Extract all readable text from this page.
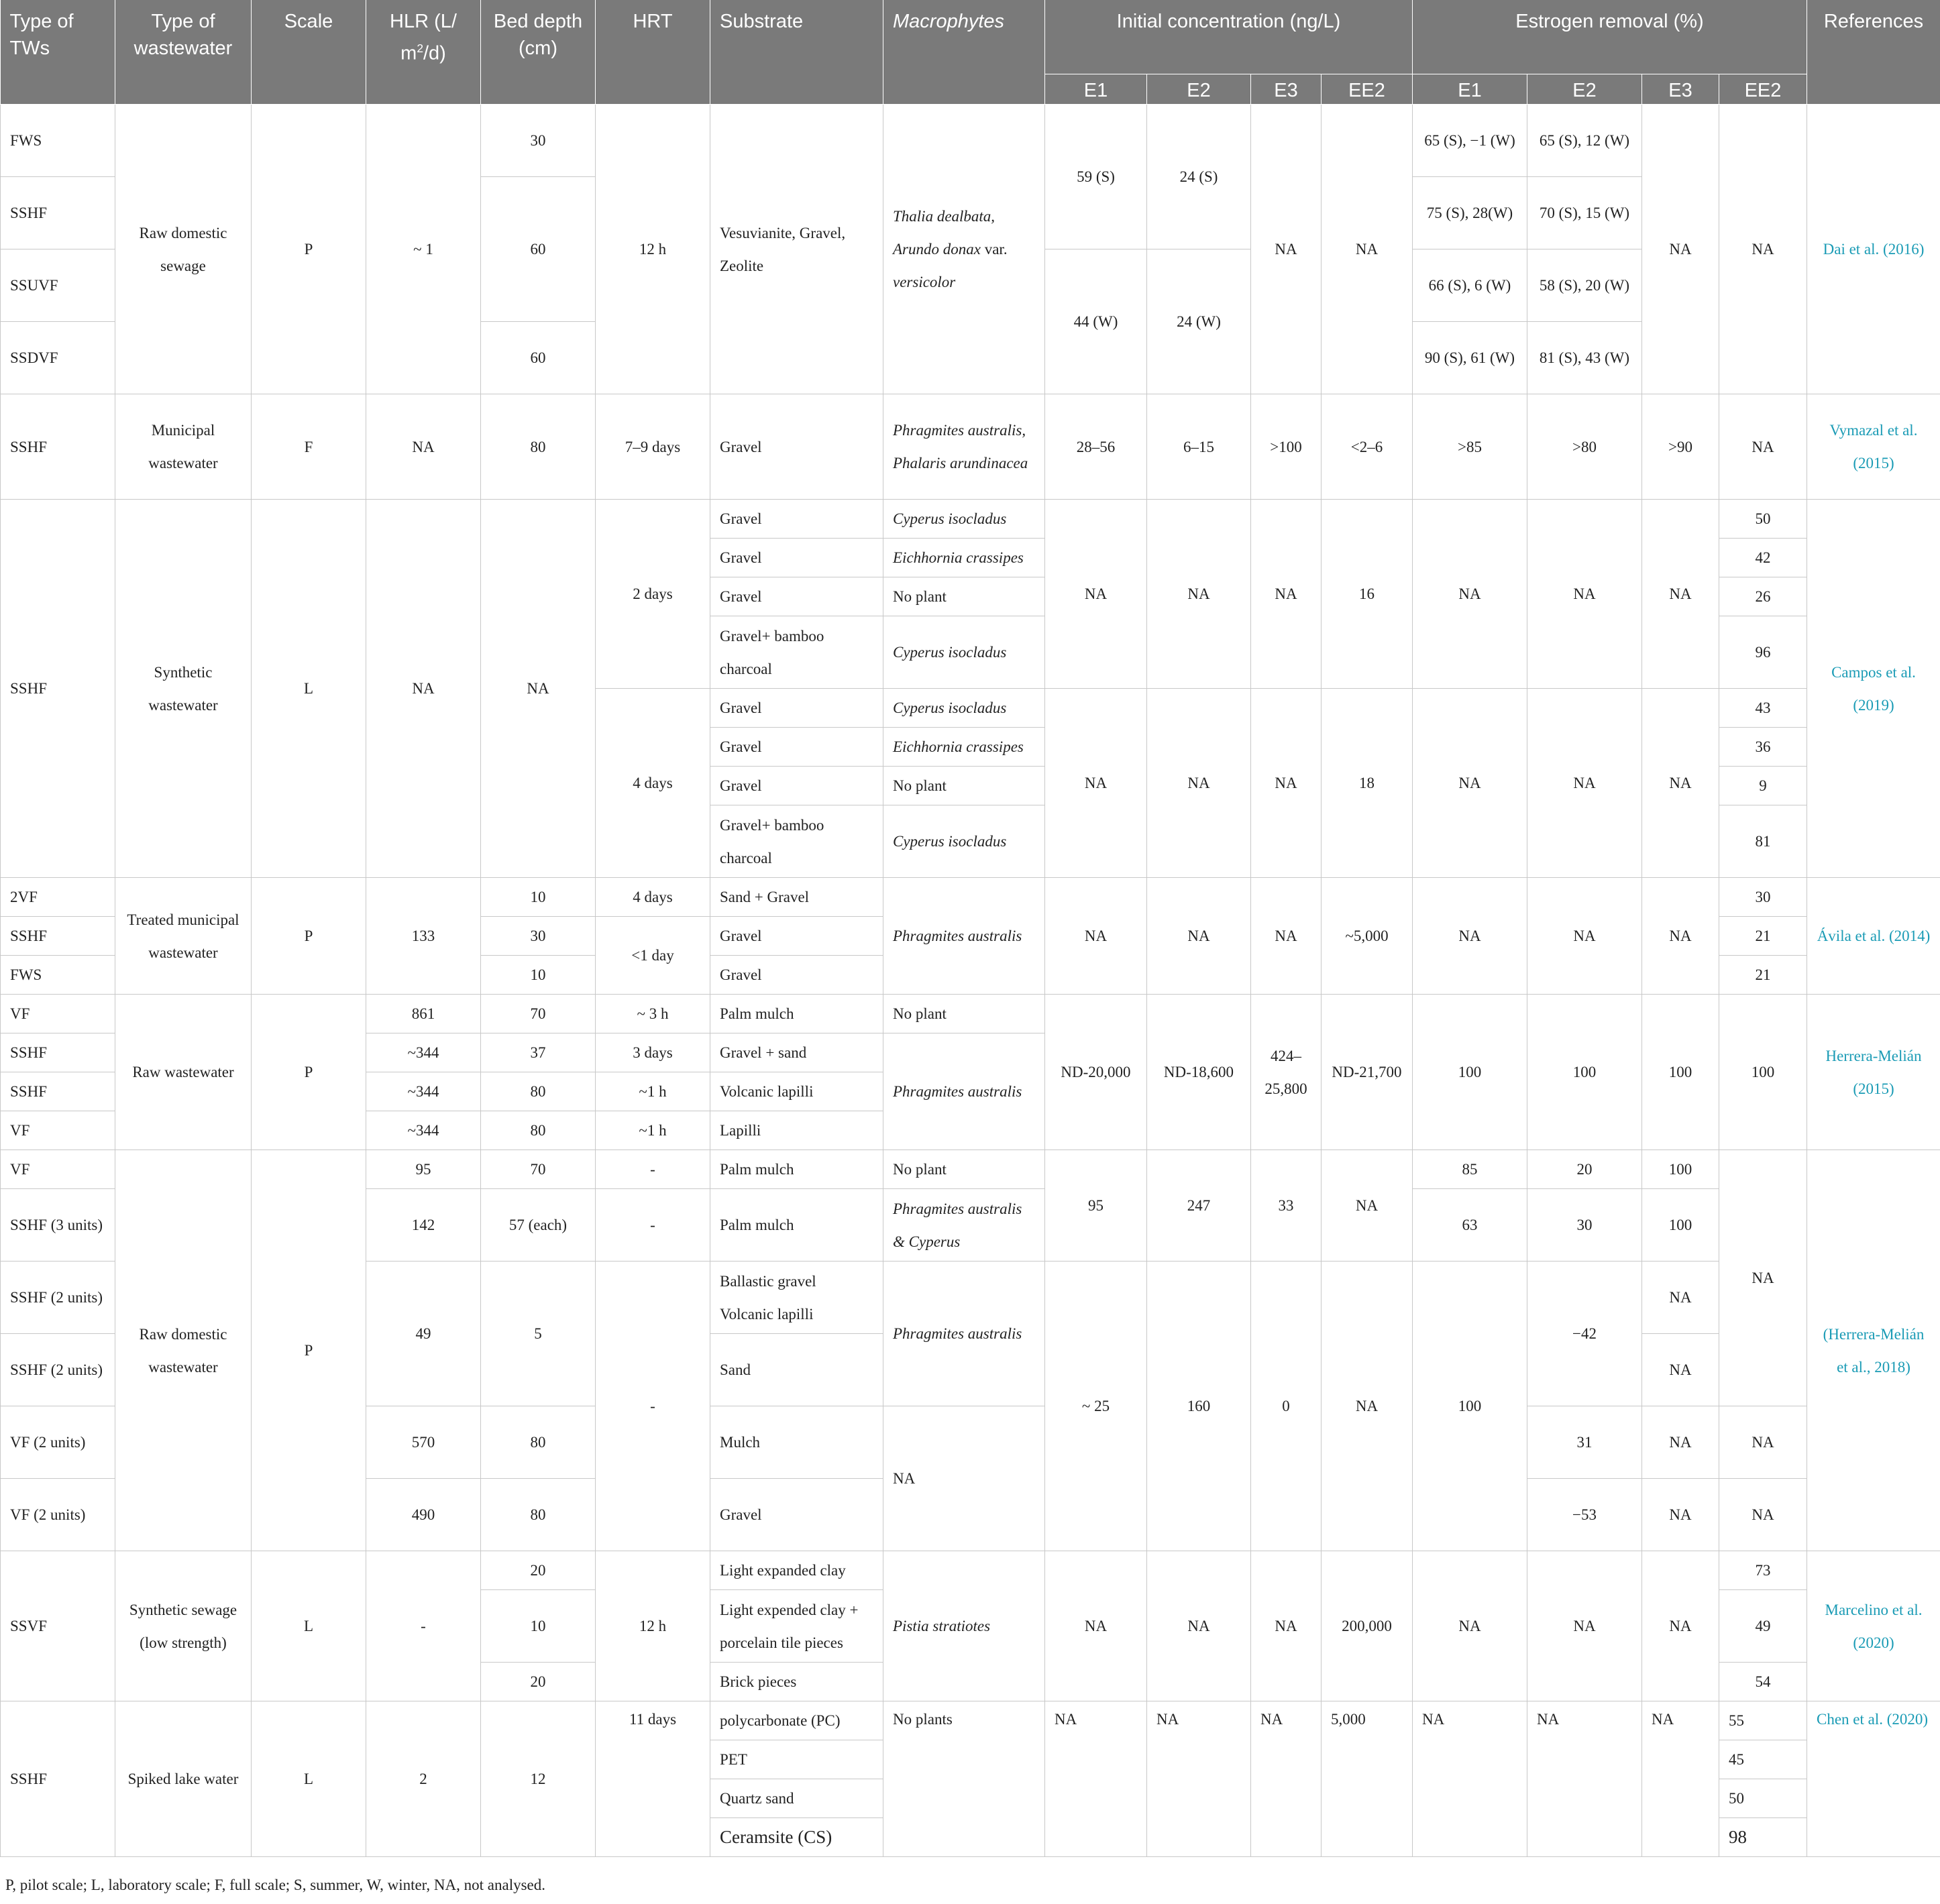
Type of TWs	Type of wastewater	Scale	HLR (L/ $m^2/d$)	Bed depth (cm)	HRT	Substrate	Macrophytes	Initial concentration (ng/L)				Estrogen removal (%)				References
								E1	E2	E3	EE2	E1	E2	E3	EE2	
FWS	Raw domestic sewage	P	~ 1	30	12 h	Vesuvianite, Gravel, Zeolite	Thalia dealbata, Arundo donax var. versicolor	59 (S)	24 (S)	NA	NA	65 (S), −1 (W)	65 (S), 12 (W)	NA	NA	Dai et al. (2016)
SSHF				60								75 (S), 28(W)	70 (S), 15 (W)			
SSUVF								44 (W)	24 (W)			66 (S), 6 (W)	58 (S), 20 (W)			
SSDVF				60								90 (S), 61 (W)	81 (S), 43 (W)			
SSHF	Municipal wastewater	F	NA	80	7–9 days	Gravel	Phragmites australis, Phalaris arundinacea	28–56	6–15	>100	<2–6	>85	>80	>90	NA	Vymazal et al. (2015)
SSHF	Synthetic wastewater	L	NA	NA	2 days	Gravel	Cyperus isocladus	NA	NA	NA	16	NA	NA	NA	50	Campos et al. (2019)
						Gravel	Eichhornia crassipes								42	
						Gravel	No plant								26	
						Gravel+ bamboo charcoal	Cyperus isocladus								96	
					4 days	Gravel	Cyperus isocladus	NA	NA	NA	18	NA	NA	NA	43	
						Gravel	Eichhornia crassipes								36	
						Gravel	No plant								9	
						Gravel+ bamboo charcoal	Cyperus isocladus								81	
2VF	Treated municipal wastewater	P	133	10	4 days	Sand + Gravel	Phragmites australis	NA	NA	NA	~5,000	NA	NA	NA	30	Ávila et al. (2014)
SSHF				30	<1 day	Gravel									21	
FWS				10		Gravel									21	
VF	Raw wastewater	P	861	70	~ 3 h	Palm mulch	No plant	ND-20,000	ND-18,600	424–25,800	ND-21,700	100	100	100	100	Herrera-Melián (2015)
SSHF			~344	37	3 days	Gravel + sand	Phragmites australis									
SSHF			~344	80	~1 h	Volcanic lapilli										
VF			~344	80	~1 h	Lapilli										
VF	Raw domestic wastewater	P	95	70	-	Palm mulch	No plant	95	247	33	NA	85	20	100	NA	(Herrera-Melián et al., 2018)
SSHF (3 units)			142	57 (each)	-	Palm mulch	Phragmites australis & Cyperus					63	30	100		
SSHF (2 units)			49	5	-	Ballastic gravel Volcanic lapilli	Phragmites australis	~ 25	160	0	NA	100	−42	NA		
SSHF (2 units)						Sand								NA		
VF (2 units)			570	80		Mulch	NA						31	NA	NA	
VF (2 units)			490	80		Gravel							−53	NA	NA	
SSVF	Synthetic sewage (low strength)	L	-	20	12 h	Light expanded clay	Pistia stratiotes	NA	NA	NA	200,000	NA	NA	NA	73	Marcelino et al. (2020)
				10		Light expended clay + porcelain tile pieces									49	
				20		Brick pieces									54	
SSHF	Spiked lake water	L	2	12	11 days	polycarbonate (PC)	No plants	NA	NA	NA	5,000	NA	NA	NA	55	Chen et al. (2020)
						PET									45	
						Quartz sand									50	
						Ceramsite (CS)									98	
P, pilot scale; L, laboratory scale; F, full scale; S, summer, W, winter, NA, not analysed.
